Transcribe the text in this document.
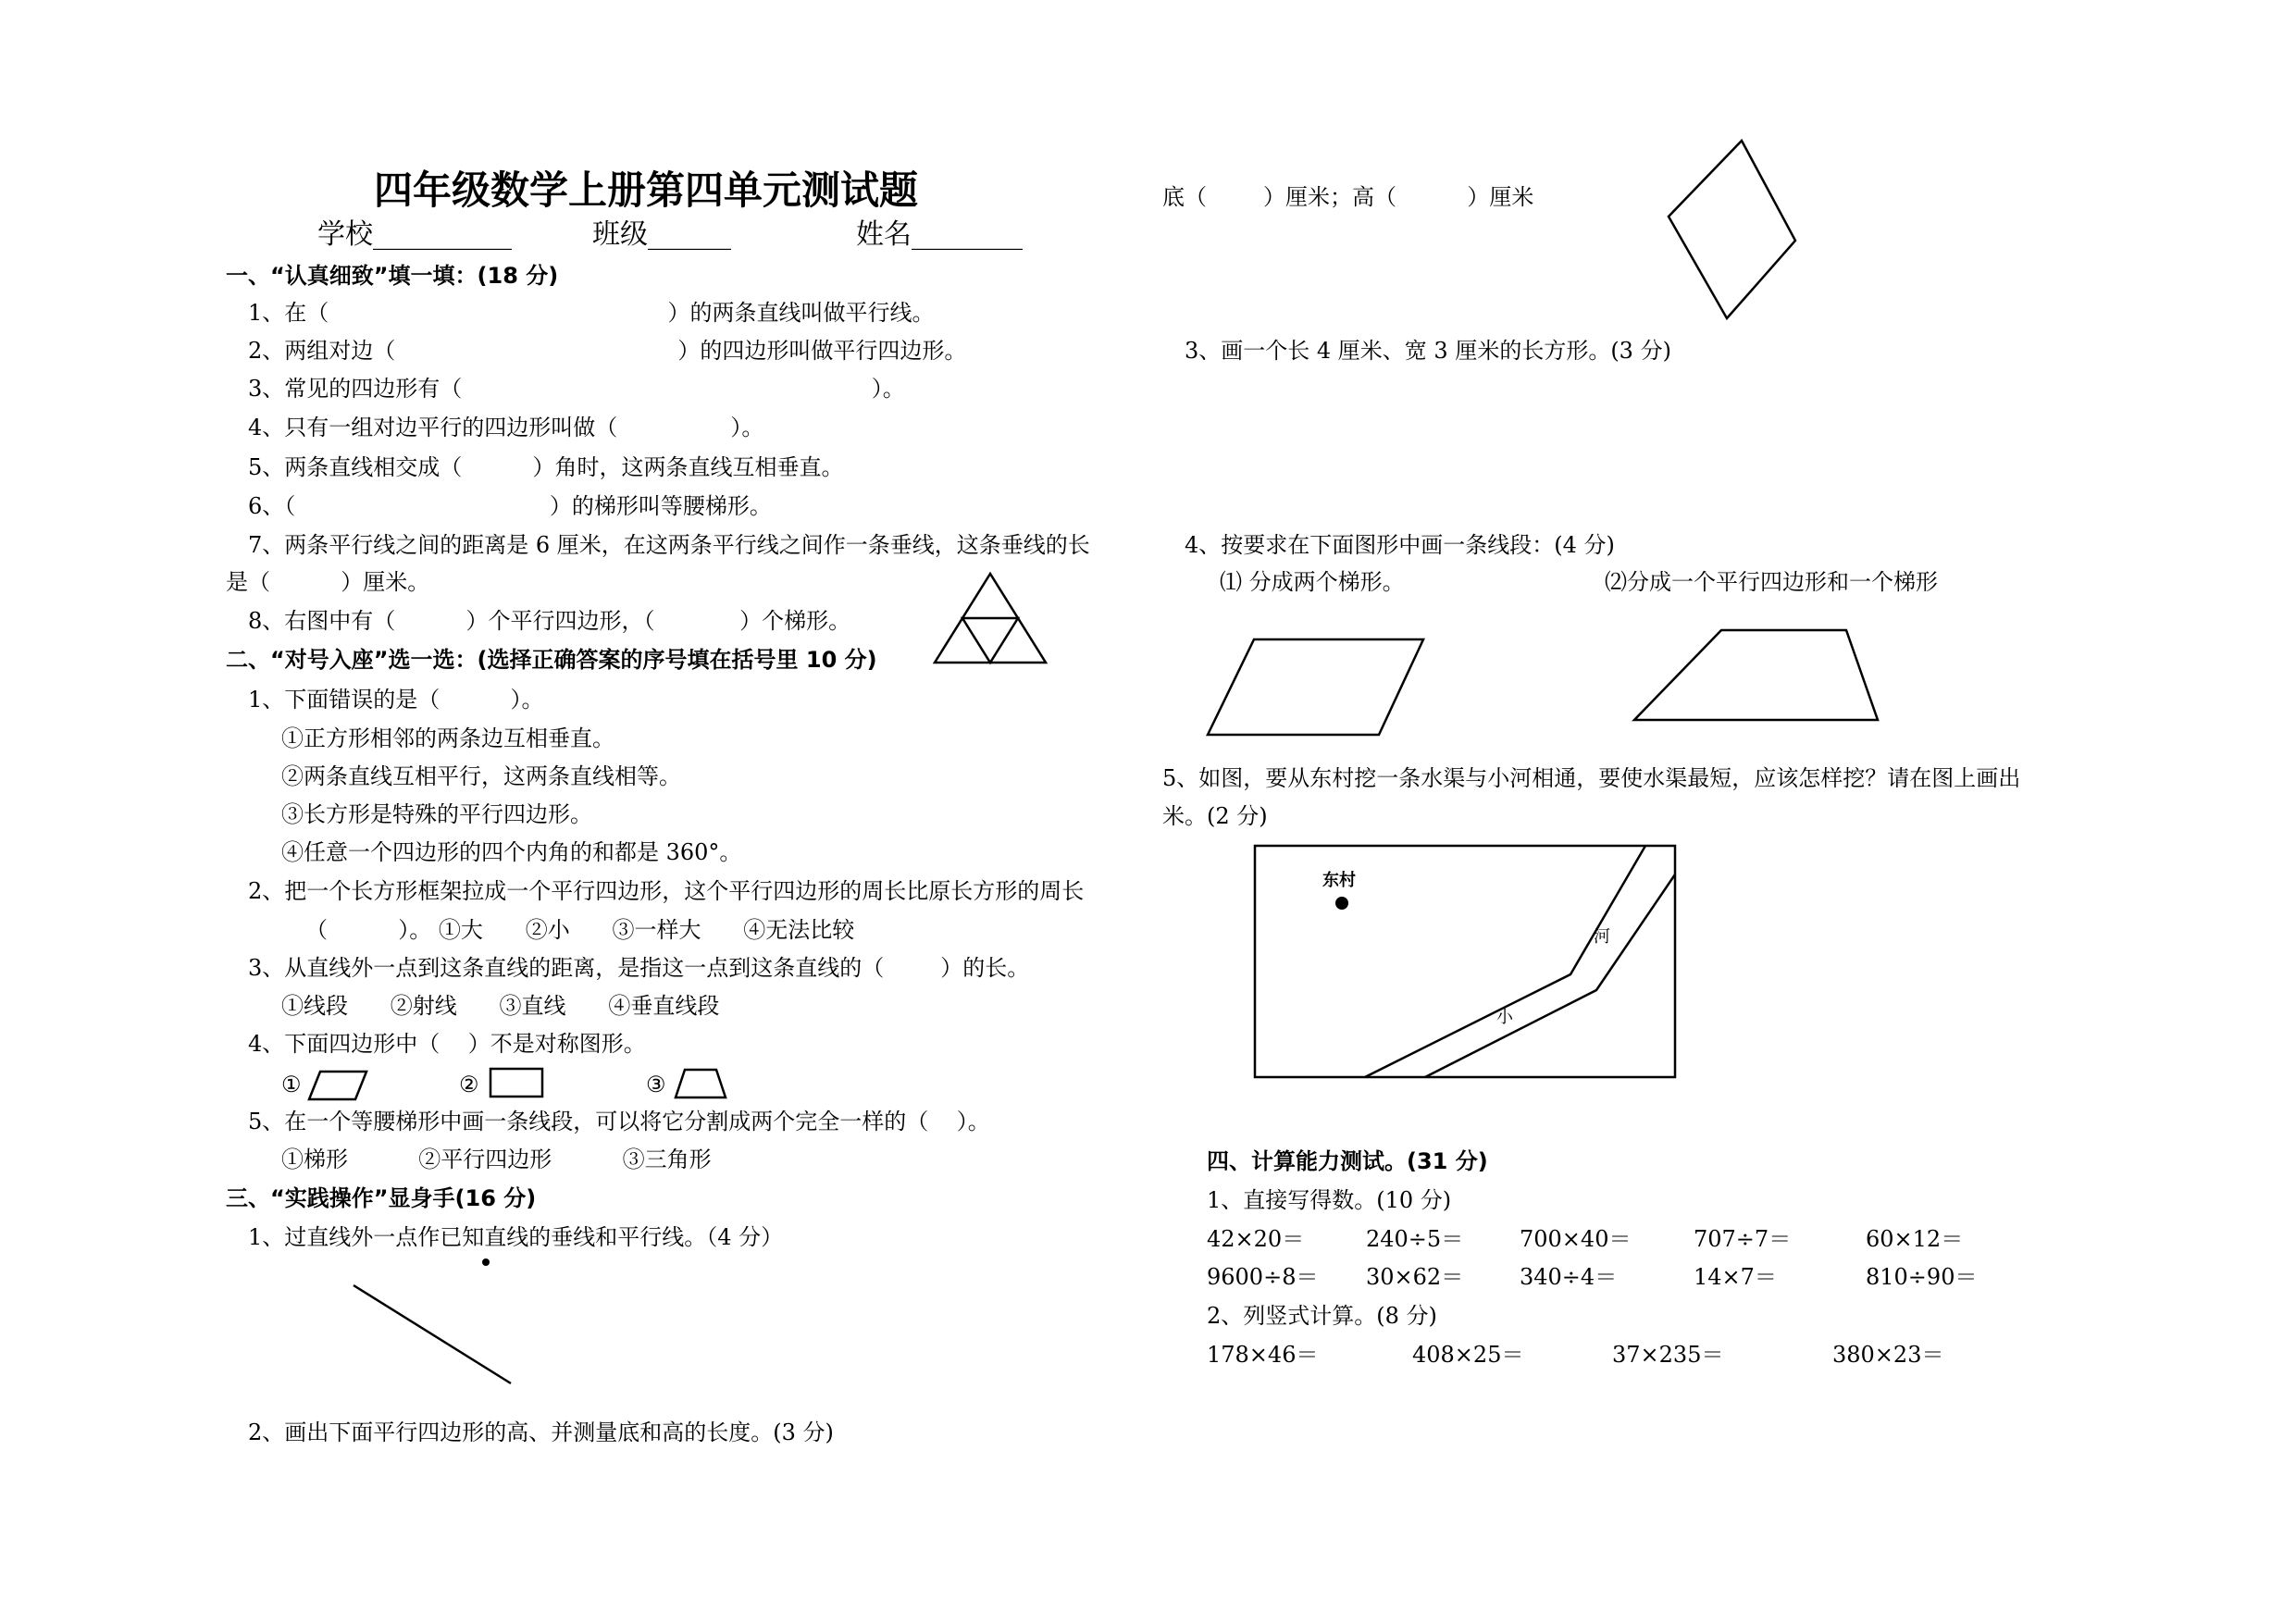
四年级数学上册第四单元测试题
学校__________	班级______	姓名________
一、“认真细致”填一填：(18 分)
1、在（                                                ）的两条直线叫做平行线。
2、两组对边（                                        ）的四边形叫做平行四边形。
3、常见的四边形有（                                                          ）。
4、只有一组对边平行的四边形叫做（                ）。
5、两条直线相交成（          ）角时，这两条直线互相垂直。
6、（                                    ）的梯形叫等腰梯形。
7、两条平行线之间的距离是 6 厘米，在这两条平行线之间作一条垂线，这条垂线的长
是（          ）厘米。
8、右图中有（          ）个平行四边形，（            ）个梯形。
二、“对号入座”选一选：(选择正确答案的序号填在括号里 10 分)
1、下面错误的是（          ）。
①正方形相邻的两条边互相垂直。
②两条直线互相平行，这两条直线相等。
③长方形是特殊的平行四边形。
④任意一个四边形的四个内角的和都是 360°。
2、把一个长方形框架拉成一个平行四边形，这个平行四边形的周长比原长方形的周长
（          ）。 ①大      ②小      ③一样大      ④无法比较
3、从直线外一点到这条直线的距离，是指这一点到这条直线的（        ）的长。
①线段      ②射线      ③直线      ④垂直线段
4、下面四边形中（    ）不是对称图形。
①	②	③
5、在一个等腰梯形中画一条线段，可以将它分割成两个完全一样的（    ）。
①梯形          ②平行四边形          ③三角形
三、“实践操作”显身手(16 分)
1、过直线外一点作已知直线的垂线和平行线。（4 分）
2、画出下面平行四边形的高、并测量底和高的长度。(3 分)
底（        ）厘米；高（          ）厘米
3、画一个长 4 厘米、宽 3 厘米的长方形。(3 分)
4、按要求在下面图形中画一条线段：(4 分)
⑴ 分成两个梯形。	⑵分成一个平行四边形和一个梯形
5、如图，要从东村挖一条水渠与小河相通，要使水渠最短，应该怎样挖？请在图上画出
米。(2 分)
东村
河
小
四、计算能力测试。(31 分)
1、直接写得数。(10 分)
42×20＝	240÷5＝	700×40＝	707÷7＝	60×12＝
9600÷8＝ 30×62＝	340÷4＝	14×7＝	810÷90＝
2、列竖式计算。(8 分)
178×46＝	408×25＝	37×235＝	380×23＝
